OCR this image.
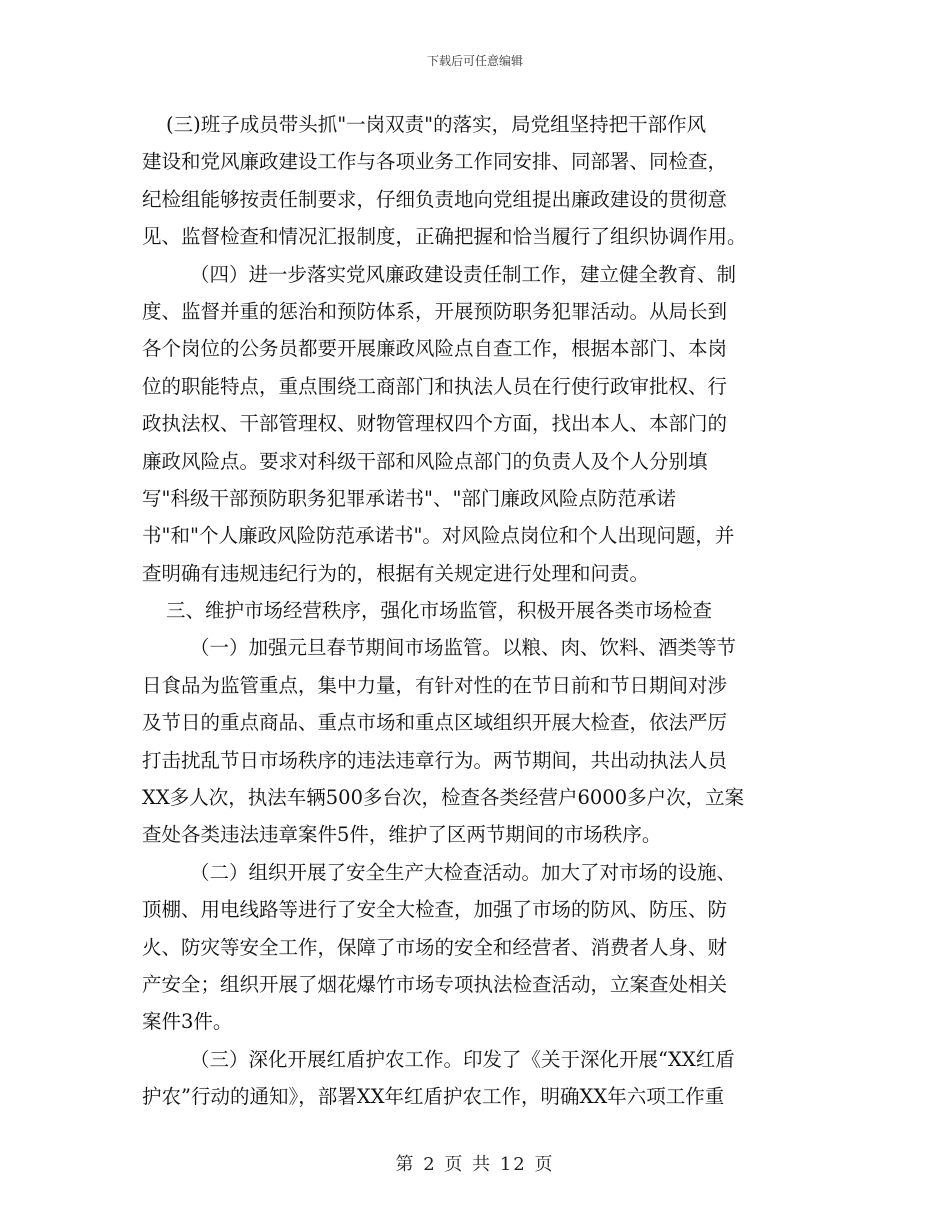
下载后可任意编辑
(三)班子成员带头抓"一岗双责"的落实，局党组坚持把干部作风
建设和党风廉政建设工作与各项业务工作同安排、同部署、同检查，
纪检组能够按责任制要求，仔细负责地向党组提出廉政建设的贯彻意
见、监督检查和情况汇报制度，正确把握和恰当履行了组织协调作用。
（四）进一步落实党风廉政建设责任制工作，建立健全教育、制
度、监督并重的惩治和预防体系，开展预防职务犯罪活动。从局长到
各个岗位的公务员都要开展廉政风险点自查工作，根据本部门、本岗
位的职能特点，重点围绕工商部门和执法人员在行使行政审批权、行
政执法权、干部管理权、财物管理权四个方面，找出本人、本部门的
廉政风险点。要求对科级干部和风险点部门的负责人及个人分别填
写"科级干部预防职务犯罪承诺书"、"部门廉政风险点防范承诺
书"和"个人廉政风险防范承诺书"。对风险点岗位和个人出现问题，并
查明确有违规违纪行为的，根据有关规定进行处理和问责。
三、维护市场经营秩序，强化市场监管，积极开展各类市场检查
（一）加强元旦春节期间市场监管。以粮、肉、饮料、酒类等节
日食品为监管重点，集中力量，有针对性的在节日前和节日期间对涉
及节日的重点商品、重点市场和重点区域组织开展大检查，依法严厉
打击扰乱节日市场秩序的违法违章行为。两节期间，共出动执法人员
XX多人次，执法车辆500多台次，检查各类经营户6000多户次，立案
查处各类违法违章案件5件，维护了区两节期间的市场秩序。
（二）组织开展了安全生产大检查活动。加大了对市场的设施、
顶棚、用电线路等进行了安全大检查，加强了市场的防风、防压、防
火、防灾等安全工作，保障了市场的安全和经营者、消费者人身、财
产安全；组织开展了烟花爆竹市场专项执法检查活动，立案查处相关
案件3件。
（三）深化开展红盾护农工作。印发了《关于深化开展“XX红盾
护农”行动的通知》，部署XX年红盾护农工作，明确XX年六项工作重
第 2 页 共 12 页
